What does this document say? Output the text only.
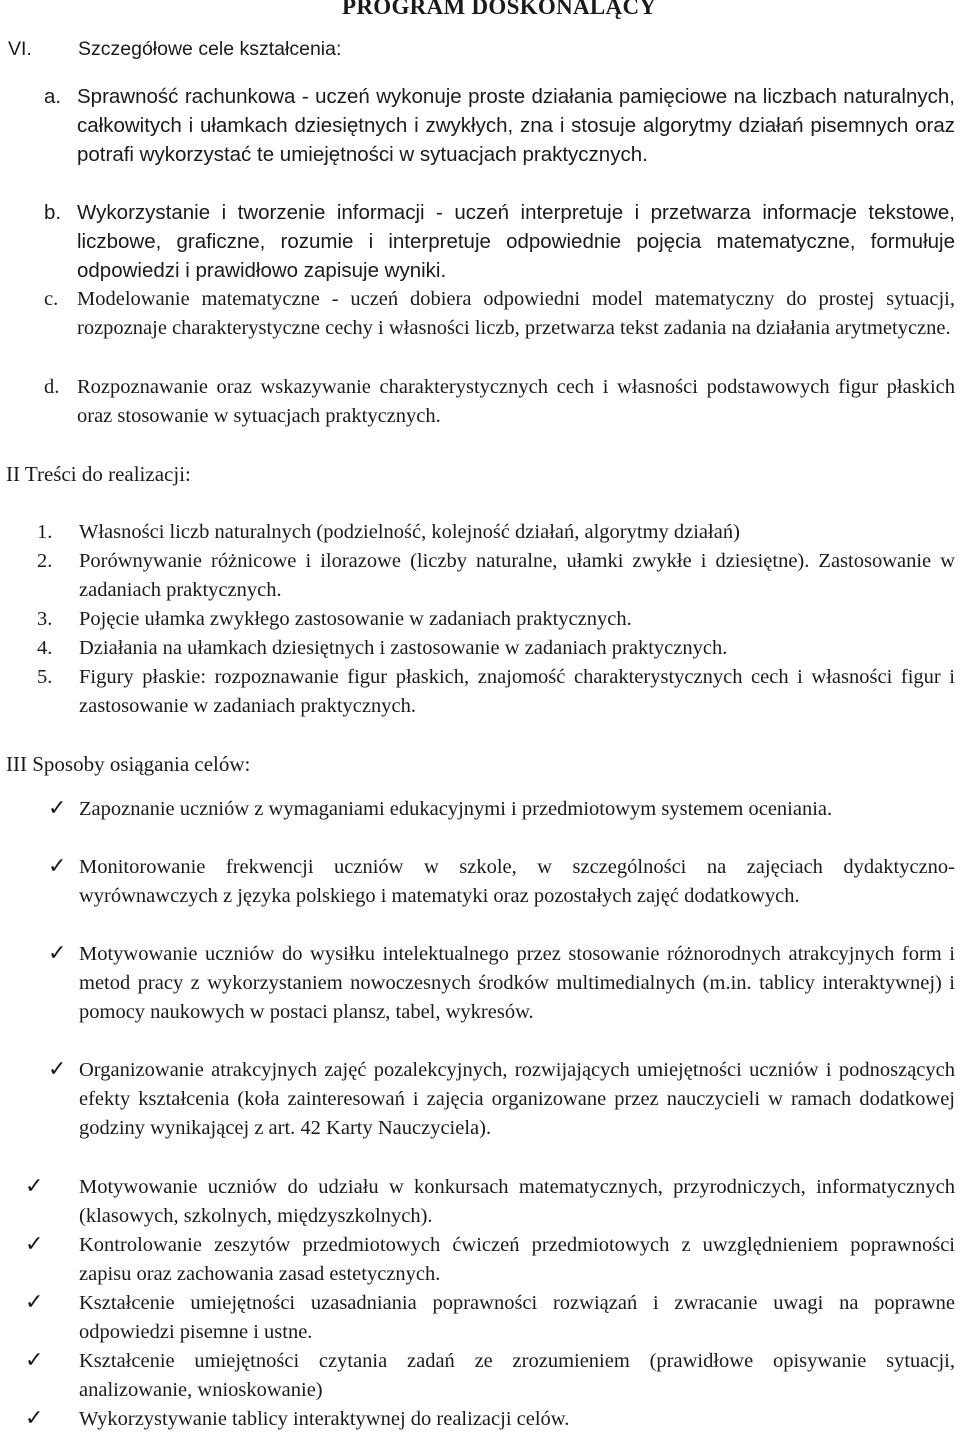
PROGRAM DOSKONALĄCY
VI. Szczegółowe cele kształcenia:
a. Sprawność rachunkowa - uczeń wykonuje proste działania pamięciowe na liczbach naturalnych, całkowitych i ułamkach dziesiętnych i zwykłych, zna i stosuje algorytmy działań pisemnych oraz potrafi wykorzystać te umiejętności w sytuacjach praktycznych.
b. Wykorzystanie i tworzenie informacji - uczeń interpretuje i przetwarza informacje tekstowe, liczbowe, graficzne, rozumie i interpretuje odpowiednie pojęcia matematyczne, formułuje odpowiedzi i prawidłowo zapisuje wyniki.
c. Modelowanie matematyczne - uczeń dobiera odpowiedni model matematyczny do prostej sytuacji, rozpoznaje charakterystyczne cechy i własności liczb, przetwarza tekst zadania na działania arytmetyczne.
d. Rozpoznawanie oraz wskazywanie charakterystycznych cech i własności podstawowych figur płaskich oraz stosowanie w sytuacjach praktycznych.
II Treści do realizacji:
1. Własności liczb naturalnych (podzielność, kolejność działań, algorytmy działań)
2. Porównywanie różnicowe i ilorazowe (liczby naturalne, ułamki zwykłe i dziesiętne). Zastosowanie w zadaniach praktycznych.
3. Pojęcie ułamka zwykłego zastosowanie w zadaniach praktycznych.
4. Działania na ułamkach dziesiętnych i zastosowanie w zadaniach praktycznych.
5. Figury płaskie: rozpoznawanie figur płaskich, znajomość charakterystycznych cech i własności figur i zastosowanie w zadaniach praktycznych.
III Sposoby osiągania celów:
✓ Zapoznanie uczniów z wymaganiami edukacyjnymi i przedmiotowym systemem oceniania.
✓ Monitorowanie frekwencji uczniów w szkole, w szczególności na zajęciach dydaktyczno-wyrównawczych z języka polskiego i matematyki oraz pozostałych zajęć dodatkowych.
✓ Motywowanie uczniów do wysiłku intelektualnego przez stosowanie różnorodnych atrakcyjnych form i metod pracy z wykorzystaniem nowoczesnych środków multimedialnych (m.in. tablicy interaktywnej) i pomocy naukowych w postaci plansz, tabel, wykresów.
✓ Organizowanie atrakcyjnych zajęć pozalekcyjnych, rozwijających umiejętności uczniów i podnoszących efekty kształcenia (koła zainteresowań i zajęcia organizowane przez nauczycieli w ramach dodatkowej godziny wynikającej z art. 42 Karty Nauczyciela).
✓ Motywowanie uczniów do udziału w konkursach matematycznych, przyrodniczych, informatycznych (klasowych, szkolnych, międzyszkolnych).
✓ Kontrolowanie zeszytów przedmiotowych ćwiczeń przedmiotowych z uwzględnieniem poprawności zapisu oraz zachowania zasad estetycznych.
✓ Kształcenie umiejętności uzasadniania poprawności rozwiązań i zwracanie uwagi na poprawne odpowiedzi pisemne i ustne.
✓ Kształcenie umiejętności czytania zadań ze zrozumieniem (prawidłowe opisywanie sytuacji, analizowanie, wnioskowanie)
✓ Wykorzystywanie tablicy interaktywnej do realizacji celów.
